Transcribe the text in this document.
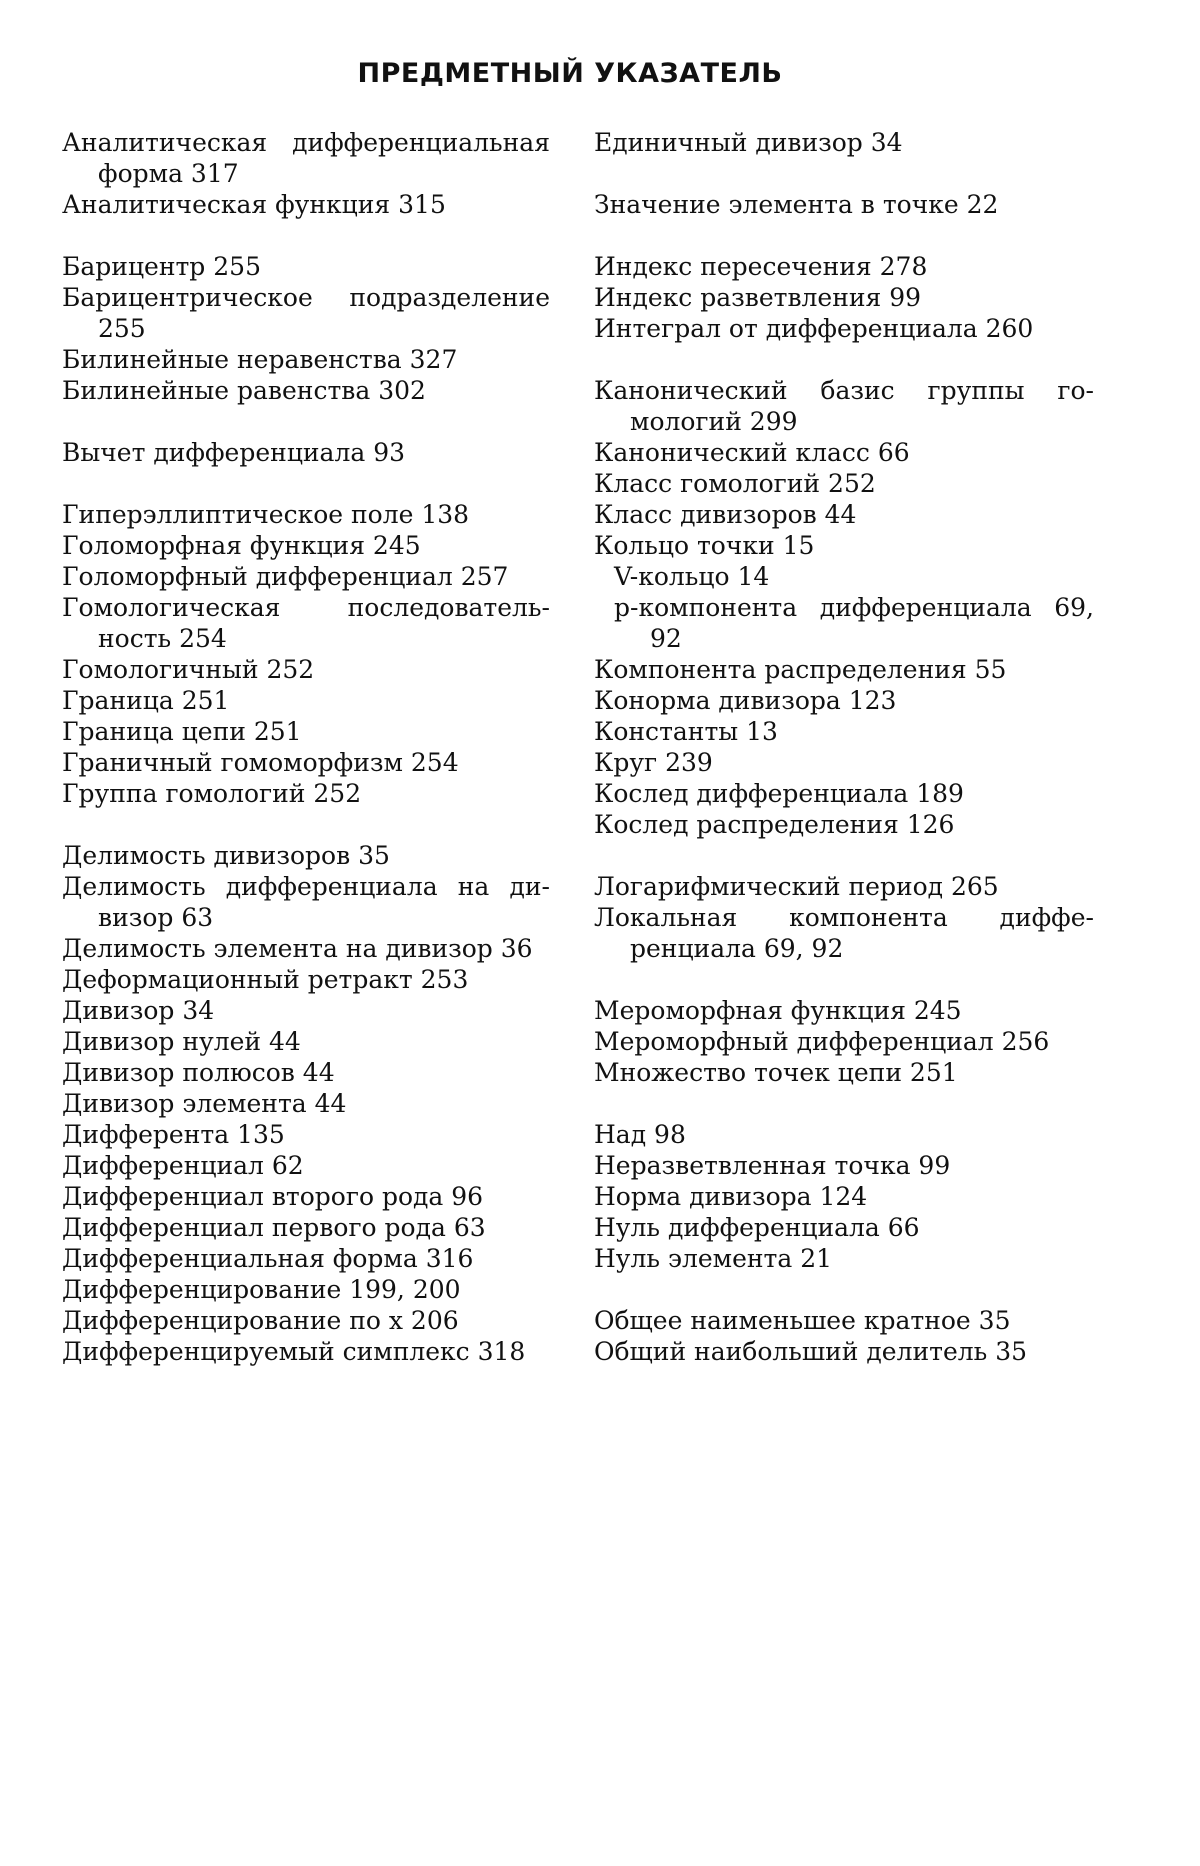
ПРЕДМЕТНЫЙ УКАЗАТЕЛЬ
Аналитическая дифференциальная форма 317
Аналитическая функция 315
Барицентр 255
Барицентрическое подразделение 255
Билинейные неравенства 327
Билинейные равенства 302
Вычет дифференциала 93
Гиперэллиптическое поле 138
Голоморфная функция 245
Голоморфный дифференциал 257
Гомологическая последовательность 254
Гомологичный 252
Граница 251
Граница цепи 251
Граничный гомоморфизм 254
Группа гомологий 252
Делимость дивизоров 35
Делимость дифференциала на дивизор 63
Делимость элемента на дивизор 36
Деформационный ретракт 253
Дивизор 34
Дивизор нулей 44
Дивизор полюсов 44
Дивизор элемента 44
Дифферента 135
Дифференциал 62
Дифференциал второго рода 96
Дифференциал первого рода 63
Дифференциальная форма 316
Дифференцирование 199, 200
Дифференцирование по x 206
Дифференцируемый симплекс 318
Единичный дивизор 34
Значение элемента в точке 22
Индекс пересечения 278
Индекс разветвления 99
Интеграл от дифференциала 260
Канонический базис группы гомологий 299
Канонический класс 66
Класс гомологий 252
Класс дивизоров 44
Кольцо точки 15
V-кольцо 14
p-компонента дифференциала 69, 92
Компонента распределения 55
Конорма дивизора 123
Константы 13
Круг 239
Кослед дифференциала 189
Кослед распределения 126
Логарифмический период 265
Локальная компонента дифференциала 69, 92
Мероморфная функция 245
Мероморфный дифференциал 256
Множество точек цепи 251
Над 98
Неразветвленная точка 99
Норма дивизора 124
Нуль дифференциала 66
Нуль элемента 21
Общее наименьшее кратное 35
Общий наибольший делитель 35
